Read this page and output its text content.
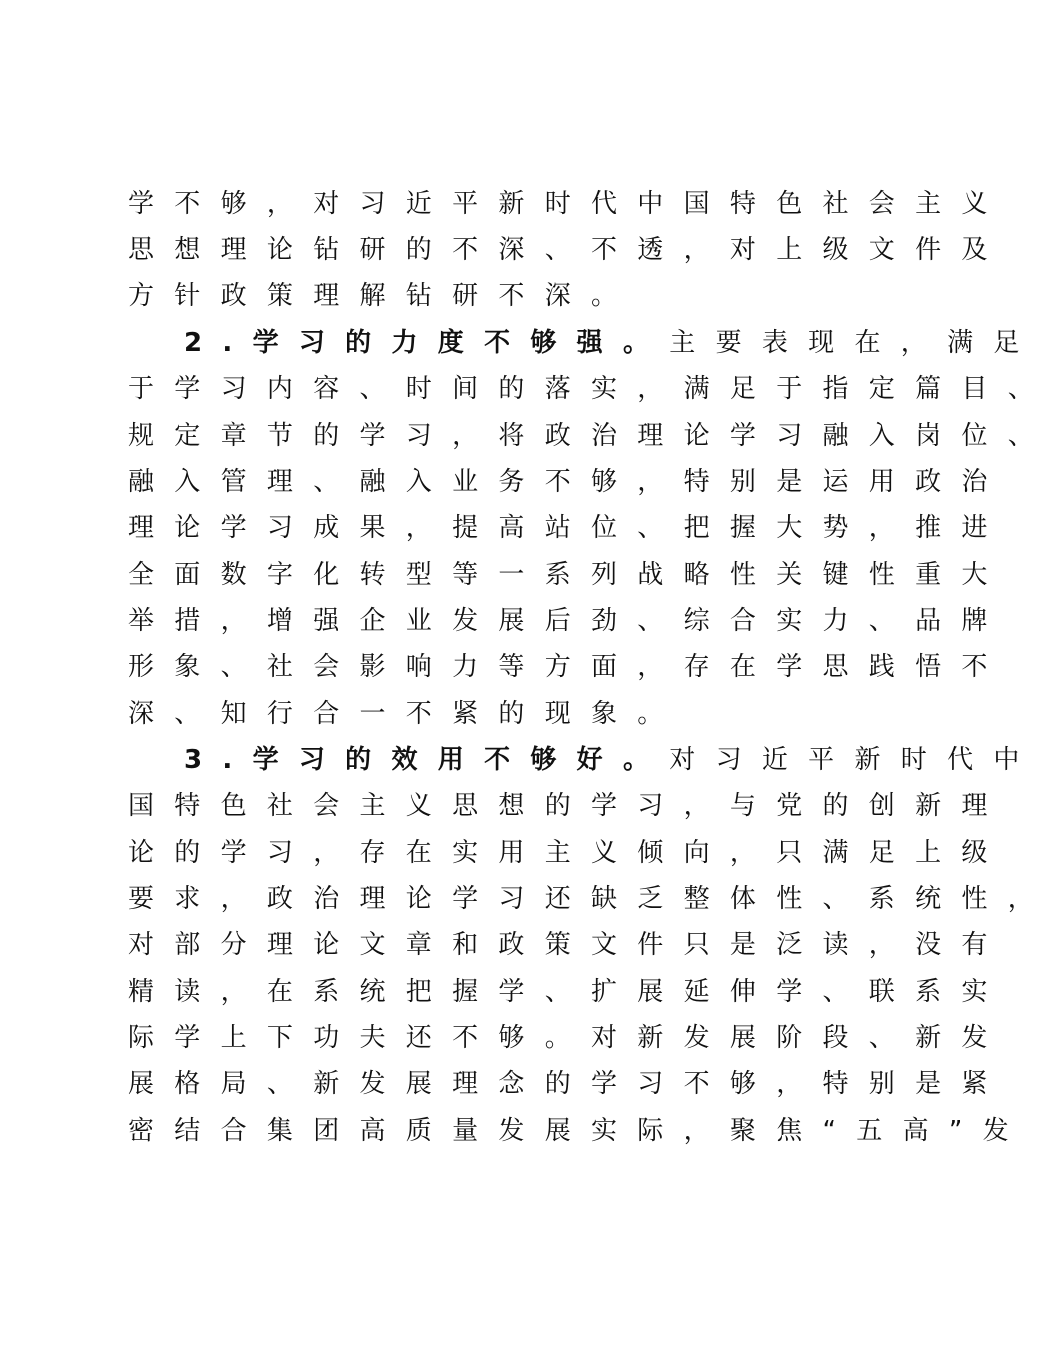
学不够，对习近平新时代中国特色社会主义
思想理论钻研的不深、不透，对上级文件及
方针政策理解钻研不深。
2.学习的力度不够强。主要表现在，满足
于学习内容、时间的落实，满足于指定篇目、
规定章节的学习，将政治理论学习融入岗位、
融入管理、融入业务不够，特别是运用政治
理论学习成果，提高站位、把握大势，推进
全面数字化转型等一系列战略性关键性重大
举措，增强企业发展后劲、综合实力、品牌
形象、社会影响力等方面，存在学思践悟不
深、知行合一不紧的现象。
3.学习的效用不够好。对习近平新时代中
国特色社会主义思想的学习，与党的创新理
论的学习，存在实用主义倾向，只满足上级
要求，政治理论学习还缺乏整体性、系统性，
对部分理论文章和政策文件只是泛读，没有
精读，在系统把握学、扩展延伸学、联系实
际学上下功夫还不够。对新发展阶段、新发
展格局、新发展理念的学习不够，特别是紧
密结合集团高质量发展实际，聚焦“五高”发
